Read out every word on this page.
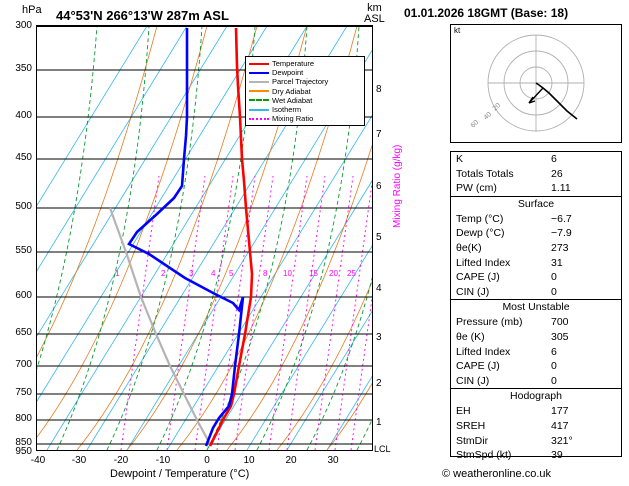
hPa 44°53'N 266°13'W 287m ASL	km
ASL
1	2	3 4 5	8 10 15 20 25
Temperature
Dewpoint
Parcel Trajectory
Dry Adiabat
Wet Adiabat
Isotherm
Mixing Ratio
300
350
400
450
500
550
600
650
700
750
800
850
950
-40	-30	-20	-10	0	10	20	30
Dewpoint / Temperature (°C)
8
7
6
5
4
3
2
1
Mixing Ratio (g/kg)
LCL
01.01.2026 18GMT (Base: 18)
kt
20
40
60
K	6
Totals Totals	26
PW (cm)	1.11
Surface
Temp (°C)	−6.7
Dewp (°C)	−7.9
θe(K)	273
Lifted Index	31
CAPE (J)	0
CIN (J)	0
Most Unstable
Pressure (mb)	700
θe (K)	305
Lifted Index	6
CAPE (J)	0
CIN (J)	0
Hodograph
EH	177
SREH	417
StmDir	321°
StmSpd (kt)	39
© weatheronline.co.uk
